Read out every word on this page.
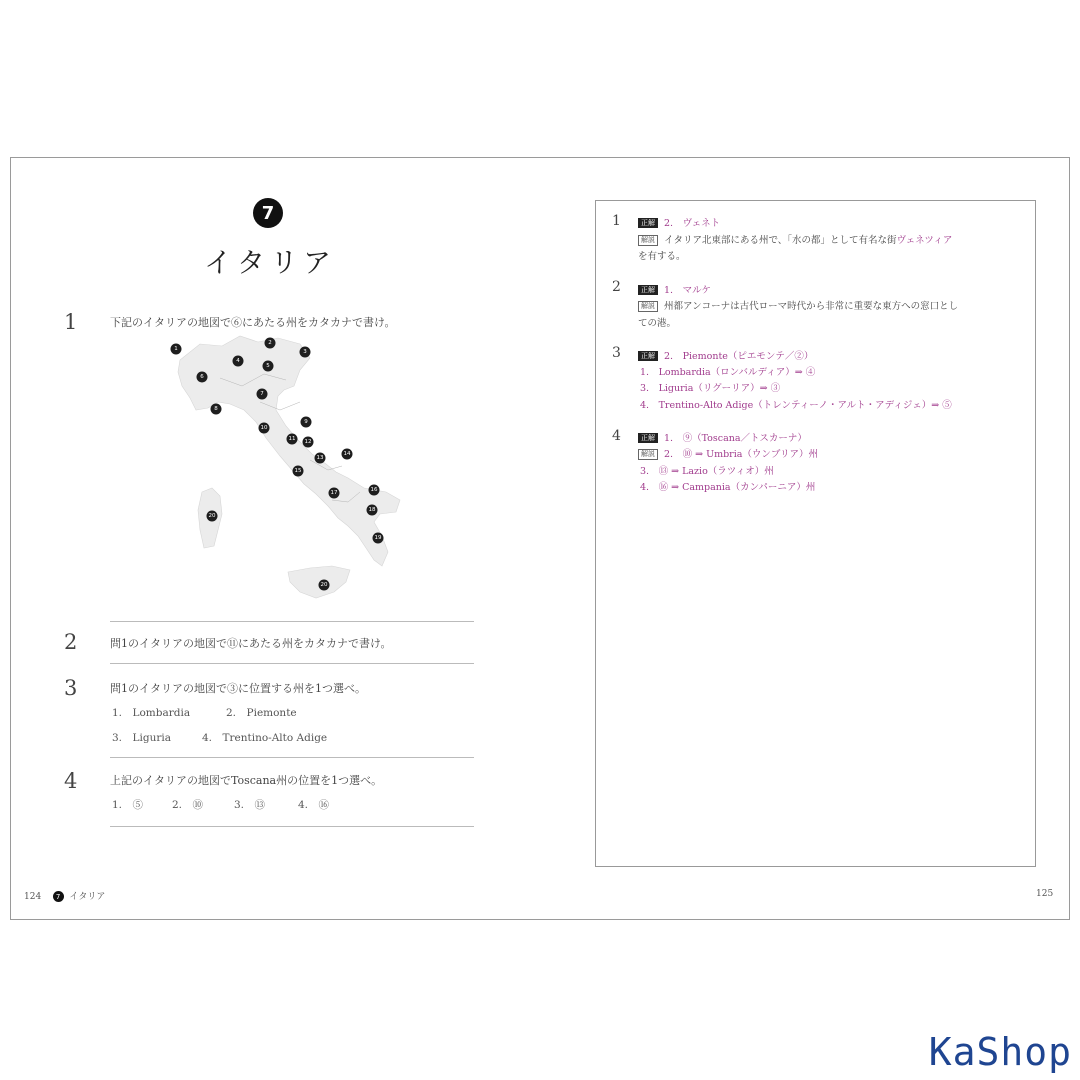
7
イタリア
1	下記のイタリアの地図で⑥にあたる州をカタカナで書け。
1
2
3
4
5
6
7
8
9
10
11 12
13
14
15
16
17
18
19
20
20
2	問1のイタリアの地図で⑪にあたる州をカタカナで書け。
3	問1のイタリアの地図で③に位置する州を1つ選べ。
1.　Lombardia	2.　Piemonte
3.　Liguria	4.　Trentino-Alto Adige
4	上記のイタリアの地図でToscana州の位置を1つ選べ。
1.　⑤	2.　⑩	3.　⑬	4.　⑯
124 7 イタリア	125
1	正解 2.　ヴェネト
解説 イタリア北東部にある州で、「水の都」として有名な街ヴェネツィア
を有する。
2	正解 1.　マルケ
解説 州都アンコーナは古代ローマ時代から非常に重要な東方への窓口とし
ての港。
3	正解 2.　Piemonte（ピエモンテ／②）
1.　Lombardia（ロンバルディア）⇒ ④
3.　Liguria（リグーリア）⇒ ③
4.　Trentino-Alto Adige（トレンティーノ・アルト・アディジェ）⇒ ⑤
4	正解 1.　⑨（Toscana／トスカーナ）
解説 2.　⑩ ⇒ Umbria（ウンブリア）州
3.　⑬ ⇒ Lazio（ラツィオ）州
4.　⑯ ⇒ Campania（カンパーニア）州
KaShop
